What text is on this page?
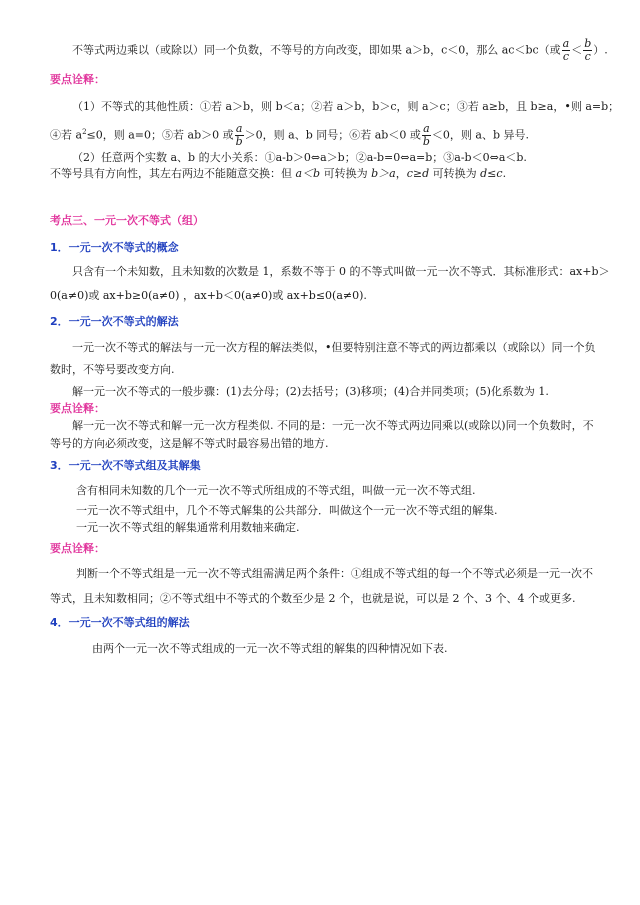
不等式两边乘以（或除以）同一个负数，不等号的方向改变，即如果 a＞b，c＜0，那么 ac＜bc（或 $\frac{a}{c} < \frac{b}{c}$ ）.
要点诠释：
（1）不等式的其他性质：①若 a＞b，则 b＜a；②若 a＞b，b＞c，则 a＞c；③若 a≥b，且 b≥a，•则 a=b；
④若 $a^2\le 0$，则 a=0；⑤若 ab＞0 或 $\frac{a}{b} >0$，则 a、b 同号；⑥若 ab＜0 或 $\frac{a}{b} <0$，则 a、b 异号.
（2）任意两个实数 a、b 的大小关系：①a-b＞0⇔a＞b；②a-b=0⇔a=b；③a-b＜0⇔a＜b.
不等号具有方向性，其左右两边不能随意交换：但 a＜b 可转换为 b＞a，c≥d 可转换为 d≤c.
考点三、一元一次不等式（组）
1．一元一次不等式的概念
只含有一个未知数，且未知数的次数是 1，系数不等于 0 的不等式叫做一元一次不等式．其标准形式：ax+b＞
0(a≠0)或 ax+b≥0(a≠0) ，ax+b＜0(a≠0)或 ax+b≤0(a≠0).
2．一元一次不等式的解法
一元一次不等式的解法与一元一次方程的解法类似，•但要特别注意不等式的两边都乘以（或除以）同一个负
数时，不等号要改变方向.
解一元一次不等式的一般步骤：(1)去分母；(2)去括号；(3)移项；(4)合并同类项；(5)化系数为 1.
要点诠释：
解一元一次不等式和解一元一次方程类似. 不同的是：一元一次不等式两边同乘以(或除以)同一个负数时，不
等号的方向必须改变，这是解不等式时最容易出错的地方.
3．一元一次不等式组及其解集
含有相同未知数的几个一元一次不等式所组成的不等式组，叫做一元一次不等式组.
一元一次不等式组中，几个不等式解集的公共部分．叫做这个一元一次不等式组的解集.
一元一次不等式组的解集通常利用数轴来确定.
要点诠释：
判断一个不等式组是一元一次不等式组需满足两个条件：①组成不等式组的每一个不等式必须是一元一次不
等式，且未知数相同；②不等式组中不等式的个数至少是 2 个，也就是说，可以是 2 个、3 个、4 个或更多.
4．一元一次不等式组的解法
由两个一元一次不等式组成的一元一次不等式组的解集的四种情况如下表.
